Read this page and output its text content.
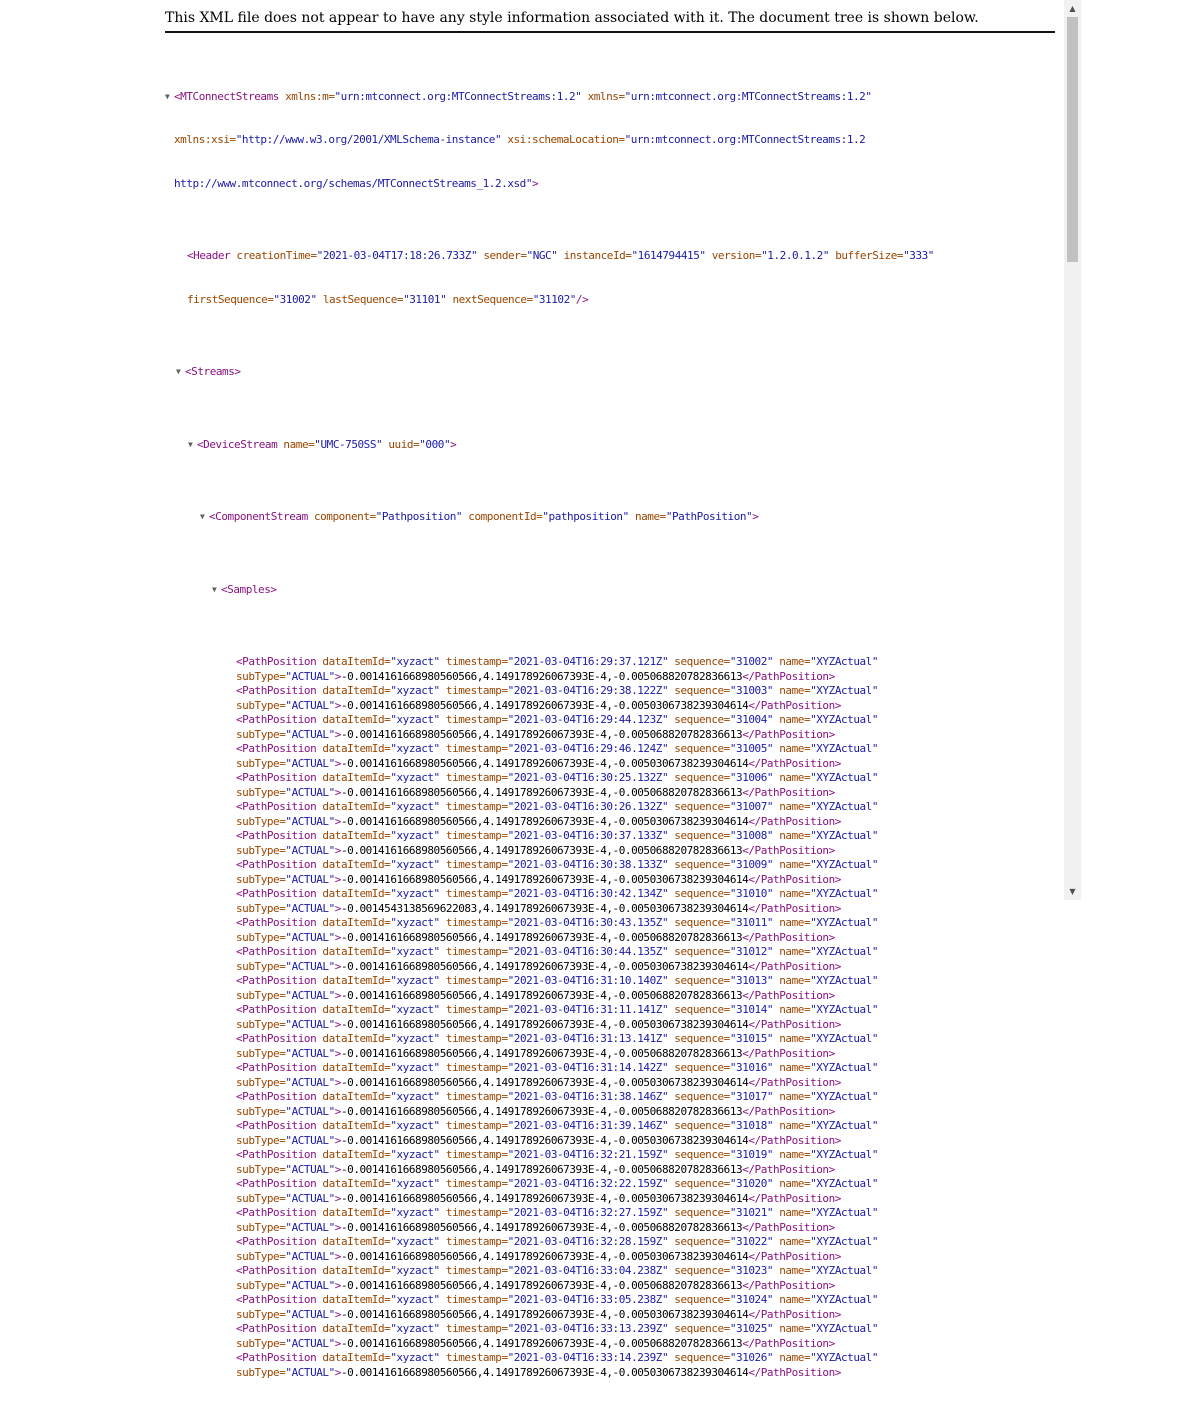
This XML file does not appear to have any style information associated with it. The document tree is shown below.

▼ <MTConnectStreams xmlns:m="urn:mtconnect.org:MTConnectStreams:1.2" xmlns="urn:mtconnect.org:MTConnectStreams:1.2"

xmlns:xsi="http://www.w3.org/2001/XMLSchema-instance" xsi:schemaLocation="urn:mtconnect.org:MTConnectStreams:1.2

http://www.mtconnect.org/schemas/MTConnectStreams_1.2.xsd">

<Header creationTime="2021-03-04T17:18:26.733Z" sender="NGC" instanceId="1614794415" version="1.2.0.1.2" bufferSize="333"

firstSequence="31002" lastSequence="31101" nextSequence="31102"/>

▼ <Streams>

▼ <DeviceStream name="UMC-750SS" uuid="000">

▼ <ComponentStream component="Pathposition" componentId="pathposition" name="PathPosition">

▼ <Samples>

<PathPosition dataItemId="xyzact" timestamp="2021-03-04T16:29:37.121Z" sequence="31002" name="XYZActual"
subType="ACTUAL">-0.0014161668980560566,4.149178926067393E-4,-0.005068820782836613</PathPosition>
<PathPosition dataItemId="xyzact" timestamp="2021-03-04T16:29:38.122Z" sequence="31003" name="XYZActual"
subType="ACTUAL">-0.0014161668980560566,4.149178926067393E-4,-0.0050306738239304614</PathPosition>
<PathPosition dataItemId="xyzact" timestamp="2021-03-04T16:29:44.123Z" sequence="31004" name="XYZActual"
subType="ACTUAL">-0.0014161668980560566,4.149178926067393E-4,-0.005068820782836613</PathPosition>
<PathPosition dataItemId="xyzact" timestamp="2021-03-04T16:29:46.124Z" sequence="31005" name="XYZActual"
subType="ACTUAL">-0.0014161668980560566,4.149178926067393E-4,-0.0050306738239304614</PathPosition>
<PathPosition dataItemId="xyzact" timestamp="2021-03-04T16:30:25.132Z" sequence="31006" name="XYZActual"
subType="ACTUAL">-0.0014161668980560566,4.149178926067393E-4,-0.005068820782836613</PathPosition>
<PathPosition dataItemId="xyzact" timestamp="2021-03-04T16:30:26.132Z" sequence="31007" name="XYZActual"
subType="ACTUAL">-0.0014161668980560566,4.149178926067393E-4,-0.0050306738239304614</PathPosition>
<PathPosition dataItemId="xyzact" timestamp="2021-03-04T16:30:37.133Z" sequence="31008" name="XYZActual"
subType="ACTUAL">-0.0014161668980560566,4.149178926067393E-4,-0.005068820782836613</PathPosition>
<PathPosition dataItemId="xyzact" timestamp="2021-03-04T16:30:38.133Z" sequence="31009" name="XYZActual"
subType="ACTUAL">-0.0014161668980560566,4.149178926067393E-4,-0.0050306738239304614</PathPosition>
<PathPosition dataItemId="xyzact" timestamp="2021-03-04T16:30:42.134Z" sequence="31010" name="XYZActual"
subType="ACTUAL">-0.0014543138569622083,4.149178926067393E-4,-0.0050306738239304614</PathPosition>
<PathPosition dataItemId="xyzact" timestamp="2021-03-04T16:30:43.135Z" sequence="31011" name="XYZActual"
subType="ACTUAL">-0.0014161668980560566,4.149178926067393E-4,-0.005068820782836613</PathPosition>
<PathPosition dataItemId="xyzact" timestamp="2021-03-04T16:30:44.135Z" sequence="31012" name="XYZActual"
subType="ACTUAL">-0.0014161668980560566,4.149178926067393E-4,-0.0050306738239304614</PathPosition>
<PathPosition dataItemId="xyzact" timestamp="2021-03-04T16:31:10.140Z" sequence="31013" name="XYZActual"
subType="ACTUAL">-0.0014161668980560566,4.149178926067393E-4,-0.005068820782836613</PathPosition>
<PathPosition dataItemId="xyzact" timestamp="2021-03-04T16:31:11.141Z" sequence="31014" name="XYZActual"
subType="ACTUAL">-0.0014161668980560566,4.149178926067393E-4,-0.0050306738239304614</PathPosition>
<PathPosition dataItemId="xyzact" timestamp="2021-03-04T16:31:13.141Z" sequence="31015" name="XYZActual"
subType="ACTUAL">-0.0014161668980560566,4.149178926067393E-4,-0.005068820782836613</PathPosition>
<PathPosition dataItemId="xyzact" timestamp="2021-03-04T16:31:14.142Z" sequence="31016" name="XYZActual"
subType="ACTUAL">-0.0014161668980560566,4.149178926067393E-4,-0.0050306738239304614</PathPosition>
<PathPosition dataItemId="xyzact" timestamp="2021-03-04T16:31:38.146Z" sequence="31017" name="XYZActual"
subType="ACTUAL">-0.0014161668980560566,4.149178926067393E-4,-0.005068820782836613</PathPosition>
<PathPosition dataItemId="xyzact" timestamp="2021-03-04T16:31:39.146Z" sequence="31018" name="XYZActual"
subType="ACTUAL">-0.0014161668980560566,4.149178926067393E-4,-0.0050306738239304614</PathPosition>
<PathPosition dataItemId="xyzact" timestamp="2021-03-04T16:32:21.159Z" sequence="31019" name="XYZActual"
subType="ACTUAL">-0.0014161668980560566,4.149178926067393E-4,-0.005068820782836613</PathPosition>
<PathPosition dataItemId="xyzact" timestamp="2021-03-04T16:32:22.159Z" sequence="31020" name="XYZActual"
subType="ACTUAL">-0.0014161668980560566,4.149178926067393E-4,-0.0050306738239304614</PathPosition>
<PathPosition dataItemId="xyzact" timestamp="2021-03-04T16:32:27.159Z" sequence="31021" name="XYZActual"
subType="ACTUAL">-0.0014161668980560566,4.149178926067393E-4,-0.005068820782836613</PathPosition>
<PathPosition dataItemId="xyzact" timestamp="2021-03-04T16:32:28.159Z" sequence="31022" name="XYZActual"
subType="ACTUAL">-0.0014161668980560566,4.149178926067393E-4,-0.0050306738239304614</PathPosition>
<PathPosition dataItemId="xyzact" timestamp="2021-03-04T16:33:04.238Z" sequence="31023" name="XYZActual"
subType="ACTUAL">-0.0014161668980560566,4.149178926067393E-4,-0.005068820782836613</PathPosition>
<PathPosition dataItemId="xyzact" timestamp="2021-03-04T16:33:05.238Z" sequence="31024" name="XYZActual"
subType="ACTUAL">-0.0014161668980560566,4.149178926067393E-4,-0.0050306738239304614</PathPosition>
<PathPosition dataItemId="xyzact" timestamp="2021-03-04T16:33:13.239Z" sequence="31025" name="XYZActual"
subType="ACTUAL">-0.0014161668980560566,4.149178926067393E-4,-0.005068820782836613</PathPosition>
<PathPosition dataItemId="xyzact" timestamp="2021-03-04T16:33:14.239Z" sequence="31026" name="XYZActual"
subType="ACTUAL">-0.0014161668980560566,4.149178926067393E-4,-0.0050306738239304614</PathPosition>

▲
▼
